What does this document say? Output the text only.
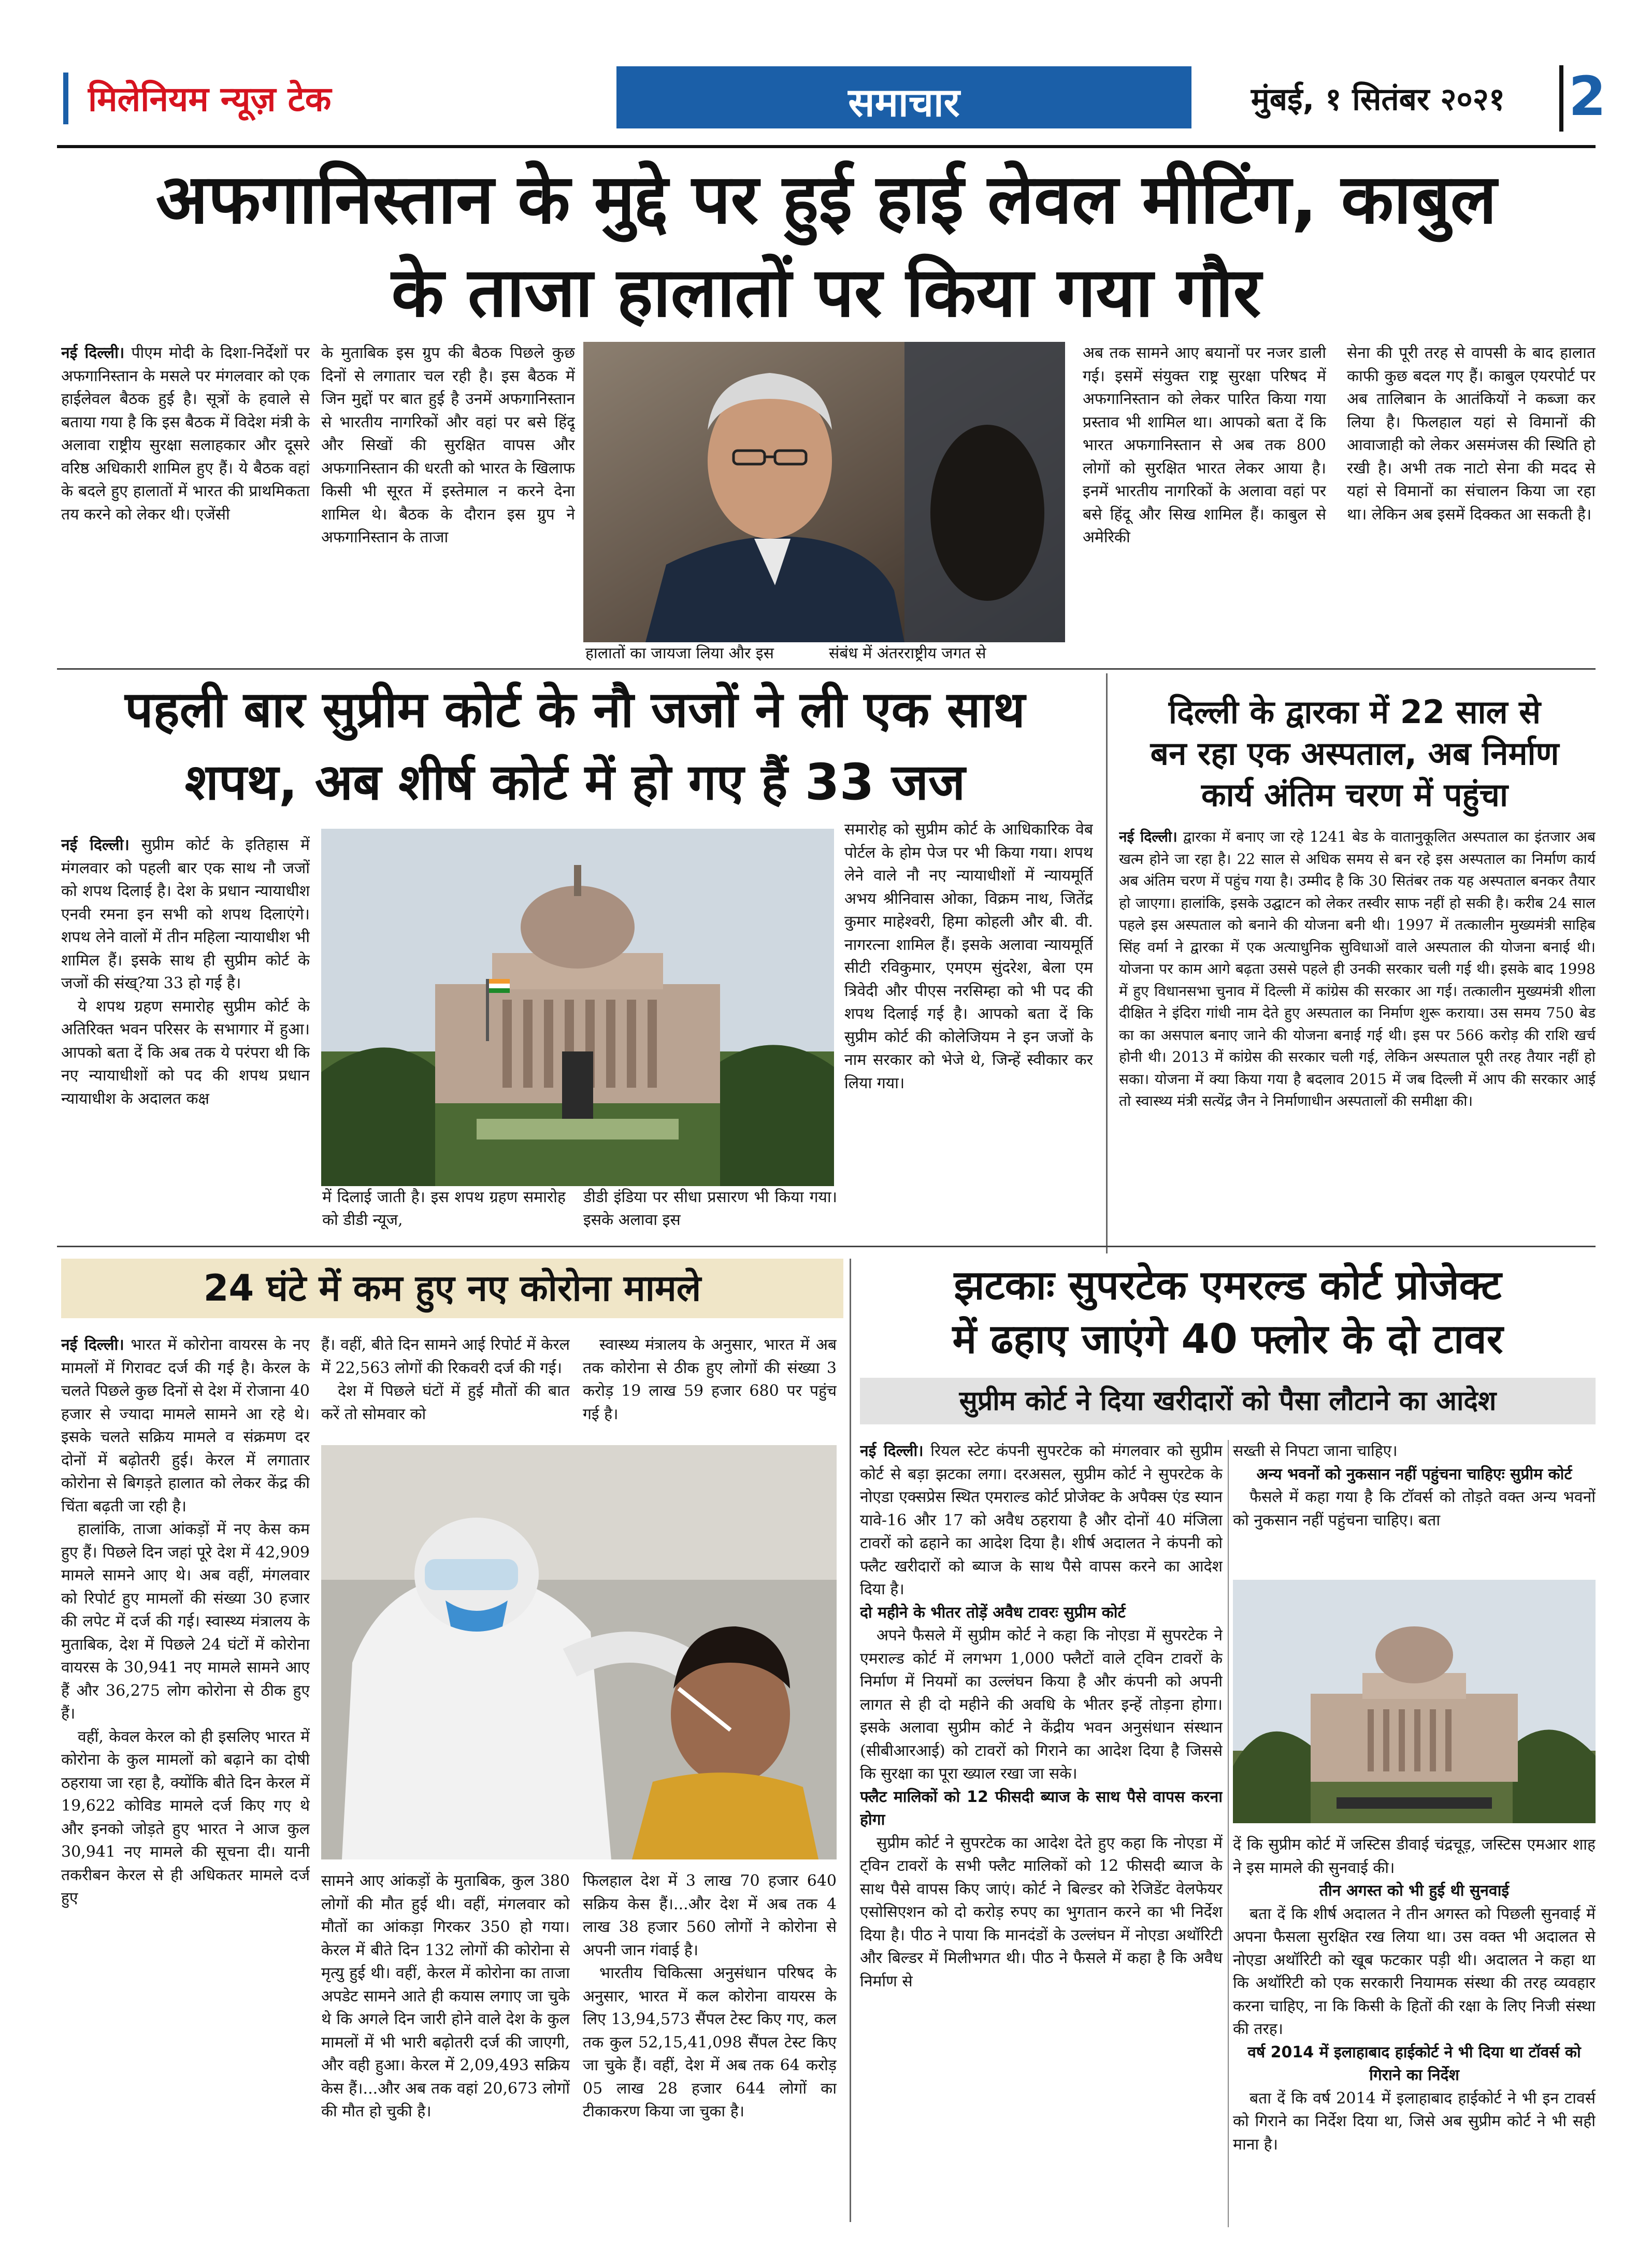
मिलेनियम न्यूज़ टेक	समाचार	मुंबई, १ सितंबर २०२१	2
अफगानिस्तान के मुद्दे पर हुई हाई लेवल मीटिंग, काबुल
के ताजा हालातों पर किया गया गौर

नई दिल्ली। पीएम मोदी के दिशा-निर्देशों पर अफगानिस्तान के मसले पर मंगलवार को एक हाईलेवल बैठक हुई है। सूत्रों के हवाले से बताया गया है कि इस बैठक में विदेश मंत्री के अलावा राष्ट्रीय सुरक्षा सलाहकार और दूसरे वरिष्ठ अधिकारी शामिल हुए हैं। ये बैठक वहां के बदले हुए हालातों में भारत की प्राथमिकता तय करने को लेकर थी। एजेंसी

के मुताबिक इस ग्रुप की बैठक पिछले कुछ दिनों से लगातार चल रही है। इस बैठक में जिन मुद्दों पर बात हुई है उनमें अफगानिस्तान से भारतीय नागरिकों और वहां पर बसे हिंदू और सिखों की सुरक्षित वापस और अफगानिस्तान की धरती को भारत के खिलाफ किसी भी सूरत में इस्तेमाल न करने देना शामिल थे। बैठक के दौरान इस ग्रुप ने अफगानिस्तान के ताजा

हालातों का जायजा लिया और इस	संबंध में अंतरराष्ट्रीय जगत से

अब तक सामने आए बयानों पर नजर डाली गई। इसमें संयुक्त राष्ट्र सुरक्षा परिषद में अफगानिस्तान को लेकर पारित किया गया प्रस्ताव भी शामिल था। आपको बता दें कि भारत अफगानिस्तान से अब तक 800 लोगों को सुरक्षित भारत लेकर आया है। इनमें भारतीय नागरिकों के अलावा वहां पर बसे हिंदू और सिख शामिल हैं। काबुल से अमेरिकी

सेना की पूरी तरह से वापसी के बाद हालात काफी कुछ बदल गए हैं। काबुल एयरपोर्ट पर अब तालिबान के आतंकियों ने कब्जा कर लिया है। फिलहाल यहां से विमानों की आवाजाही को लेकर असमंजस की स्थिति हो रखी है। अभी तक नाटो सेना की मदद से यहां से विमानों का संचालन किया जा रहा था। लेकिन अब इसमें दिक्कत आ सकती है।

पहली बार सुप्रीम कोर्ट के नौ जजों ने ली एक साथ
शपथ, अब शीर्ष कोर्ट में हो गए हैं 33 जज

नई दिल्ली। सुप्रीम कोर्ट के इतिहास में मंगलवार को पहली बार एक साथ नौ जजों को शपथ दिलाई है। देश के प्रधान न्यायाधीश एनवी रमना इन सभी को शपथ दिलाएंगे। शपथ लेने वालों में तीन महिला न्यायाधीश भी शामिल हैं। इसके साथ ही सुप्रीम कोर्ट के जजों की संख्?या 33 हो गई है।

ये शपथ ग्रहण समारोह सुप्रीम कोर्ट के अतिरिक्त भवन परिसर के सभागार में हुआ। आपको बता दें कि अब तक ये परंपरा थी कि नए न्यायाधीशों को पद की शपथ प्रधान न्यायाधीश के अदालत कक्ष

में दिलाई जाती है। इस शपथ ग्रहण समारोह को डीडी न्यूज,
डीडी इंडिया पर सीधा प्रसारण भी किया गया। इसके अलावा इस

समारोह को सुप्रीम कोर्ट के आधिकारिक वेब पोर्टल के होम पेज पर भी किया गया। शपथ लेने वाले नौ नए न्यायाधीशों में न्यायमूर्ति अभय श्रीनिवास ओका, विक्रम नाथ, जितेंद्र कुमार माहेश्वरी, हिमा कोहली और बी. वी. नागरत्ना शामिल हैं। इसके अलावा न्यायमूर्ति सीटी रविकुमार, एमएम सुंदरेश, बेला एम त्रिवेदी और पीएस नरसिम्हा को भी पद की शपथ दिलाई गई है। आपको बता दें कि सुप्रीम कोर्ट की कोलेजियम ने इन जजों के नाम सरकार को भेजे थे, जिन्हें स्वीकार कर लिया गया।

दिल्ली के द्वारका में 22 साल से
बन रहा एक अस्पताल, अब निर्माण
कार्य अंतिम चरण में पहुंचा

नई दिल्ली। द्वारका में बनाए जा रहे 1241 बेड के वातानुकूलित अस्पताल का इंतजार अब खत्म होने जा रहा है। 22 साल से अधिक समय से बन रहे इस अस्पताल का निर्माण कार्य अब अंतिम चरण में पहुंच गया है। उम्मीद है कि 30 सितंबर तक यह अस्पताल बनकर तैयार हो जाएगा। हालांकि, इसके उद्घाटन को लेकर तस्वीर साफ नहीं हो सकी है। करीब 24 साल पहले इस अस्पताल को बनाने की योजना बनी थी। 1997 में तत्कालीन मुख्यमंत्री साहिब सिंह वर्मा ने द्वारका में एक अत्याधुनिक सुविधाओं वाले अस्पताल की योजना बनाई थी। योजना पर काम आगे बढ़ता उससे पहले ही उनकी सरकार चली गई थी। इसके बाद 1998 में हुए विधानसभा चुनाव में दिल्ली में कांग्रेस की सरकार आ गई। तत्कालीन मुख्यमंत्री शीला दीक्षित ने इंदिरा गांधी नाम देते हुए अस्पताल का निर्माण शुरू कराया। उस समय 750 बेड का का असपाल बनाए जाने की योजना बनाई गई थी। इस पर 566 करोड़ की राशि खर्च होनी थी। 2013 में कांग्रेस की सरकार चली गई, लेकिन अस्पताल पूरी तरह तैयार नहीं हो सका। योजना में क्या किया गया है बदलाव 2015 में जब दिल्ली में आप की सरकार आई तो स्वास्थ्य मंत्री सत्येंद्र जैन ने निर्माणाधीन अस्पतालों की समीक्षा की।

24 घंटे में कम हुए नए कोरोना मामले

नई दिल्ली। भारत में कोरोना वायरस के नए मामलों में गिरावट दर्ज की गई है। केरल के चलते पिछले कुछ दिनों से देश में रोजाना 40 हजार से ज्यादा मामले सामने आ रहे थे। इसके चलते सक्रिय मामले व संक्रमण दर दोनों में बढ़ोतरी हुई। केरल में लगातार कोरोना से बिगड़ते हालात को लेकर केंद्र की चिंता बढ़ती जा रही है।

हालांकि, ताजा आंकड़ों में नए केस कम हुए हैं। पिछले दिन जहां पूरे देश में 42,909 मामले सामने आए थे। अब वहीं, मंगलवार को रिपोर्ट हुए मामलों की संख्या 30 हजार की लपेट में दर्ज की गई। स्वास्थ्य मंत्रालय के मुताबिक, देश में पिछले 24 घंटों में कोरोना वायरस के 30,941 नए मामले सामने आए हैं और 36,275 लोग कोरोना से ठीक हुए हैं।

वहीं, केवल केरल को ही इसलिए भारत में कोरोना के कुल मामलों को बढ़ाने का दोषी ठहराया जा रहा है, क्योंकि बीते दिन केरल में 19,622 कोविड मामले दर्ज किए गए थे और इनको जोड़ते हुए भारत ने आज कुल 30,941 नए मामले की सूचना दी। यानी तकरीबन केरल से ही अधिकतर मामले दर्ज हुए

हैं। वहीं, बीते दिन सामने आई रिपोर्ट में केरल में 22,563 लोगों की रिकवरी दर्ज की गई।

देश में पिछले घंटों में हुई मौतों की बात करें तो सोमवार को

स्वास्थ्य मंत्रालय के अनुसार, भारत में अब तक कोरोना से ठीक हुए लोगों की संख्या 3 करोड़ 19 लाख 59 हजार 680 पर पहुंच गई है।

सामने आए आंकड़ों के मुताबिक, कुल 380 लोगों की मौत हुई थी। वहीं, मंगलवार को मौतों का आंकड़ा गिरकर 350 हो गया। केरल में बीते दिन 132 लोगों की कोरोना से मृत्यु हुई थी। वहीं, केरल में कोरोना का ताजा अपडेट सामने आते ही कयास लगाए जा चुके थे कि अगले दिन जारी होने वाले देश के कुल मामलों में भी भारी बढ़ोतरी दर्ज की जाएगी, और वही हुआ। केरल में 2,09,493 सक्रिय केस हैं।...और अब तक वहां 20,673 लोगों की मौत हो चुकी है।

फिलहाल देश में 3 लाख 70 हजार 640 सक्रिय केस हैं।...और देश में अब तक 4 लाख 38 हजार 560 लोगों ने कोरोना से अपनी जान गंवाई है।

भारतीय चिकित्सा अनुसंधान परिषद के अनुसार, भारत में कल कोरोना वायरस के लिए 13,94,573 सैंपल टेस्ट किए गए, कल तक कुल 52,15,41,098 सैंपल टेस्ट किए जा चुके हैं। वहीं, देश में अब तक 64 करोड़ 05 लाख 28 हजार 644 लोगों का टीकाकरण किया जा चुका है।

झटकाः सुपरटेक एमरल्ड कोर्ट प्रोजेक्ट
में ढहाए जाएंगे 40 फ्लोर के दो टावर
सुप्रीम कोर्ट ने दिया खरीदारों को पैसा लौटाने का आदेश

नई दिल्ली। रियल स्टेट कंपनी सुपरटेक को मंगलवार को सुप्रीम कोर्ट से बड़ा झटका लगा। दरअसल, सुप्रीम कोर्ट ने सुपरटेक के नोएडा एक्सप्रेस स्थित एमराल्ड कोर्ट प्रोजेक्ट के अपैक्स एंड स्यान यावे-16 और 17 को अवैध ठहराया है और दोनों 40 मंजिला टावरों को ढहाने का आदेश दिया है। शीर्ष अदालत ने कंपनी को फ्लैट खरीदारों को ब्याज के साथ पैसे वापस करने का आदेश दिया है।

दो महीने के भीतर तोड़ें अवैध टावरः सुप्रीम कोर्ट

अपने फैसले में सुप्रीम कोर्ट ने कहा कि नोएडा में सुपरटेक ने एमराल्ड कोर्ट में लगभग 1,000 फ्लैटों वाले ट्विन टावरों के निर्माण में नियमों का उल्लंघन किया है और कंपनी को अपनी लागत से ही दो महीने की अवधि के भीतर इन्हें तोड़ना होगा। इसके अलावा सुप्रीम कोर्ट ने केंद्रीय भवन अनुसंधान संस्थान (सीबीआरआई) को टावरों को गिराने का आदेश दिया है जिससे कि सुरक्षा का पूरा ख्याल रखा जा सके।

फ्लैट मालिकों को 12 फीसदी ब्याज के साथ पैसे वापस करना होगा

सुप्रीम कोर्ट ने सुपरटेक का आदेश देते हुए कहा कि नोएडा में ट्विन टावरों के सभी फ्लैट मालिकों को 12 फीसदी ब्याज के साथ पैसे वापस किए जाएं। कोर्ट ने बिल्डर को रेजिडेंट वेलफेयर एसोसिएशन को दो करोड़ रुपए का भुगतान करने का भी निर्देश दिया है। पीठ ने पाया कि मानदंडों के उल्लंघन में नोएडा अथॉरिटी और बिल्डर में मिलीभगत थी। पीठ ने फैसले में कहा है कि अवैध निर्माण से

सख्ती से निपटा जाना चाहिए।

अन्य भवनों को नुकसान नहीं पहुंचना चाहिएः सुप्रीम कोर्ट

फैसले में कहा गया है कि टॉवर्स को तोड़ते वक्त अन्य भवनों को नुकसान नहीं पहुंचना चाहिए। बता

दें कि सुप्रीम कोर्ट में जस्टिस डीवाई चंद्रचूड़, जस्टिस एमआर शाह ने इस मामले की सुनवाई की।

तीन अगस्त को भी हुई थी सुनवाई

बता दें कि शीर्ष अदालत ने तीन अगस्त को पिछली सुनवाई में अपना फैसला सुरक्षित रख लिया था। उस वक्त भी अदालत से नोएडा अथॉरिटी को खूब फटकार पड़ी थी। अदालत ने कहा था कि अथॉरिटी को एक सरकारी नियामक संस्था की तरह व्यवहार करना चाहिए, ना कि किसी के हितों की रक्षा के लिए निजी संस्था की तरह।

वर्ष 2014 में इलाहाबाद हाईकोर्ट ने भी दिया था टॉवर्स को गिराने का निर्देश

बता दें कि वर्ष 2014 में इलाहाबाद हाईकोर्ट ने भी इन टावर्स को गिराने का निर्देश दिया था, जिसे अब सुप्रीम कोर्ट ने भी सही माना है।
